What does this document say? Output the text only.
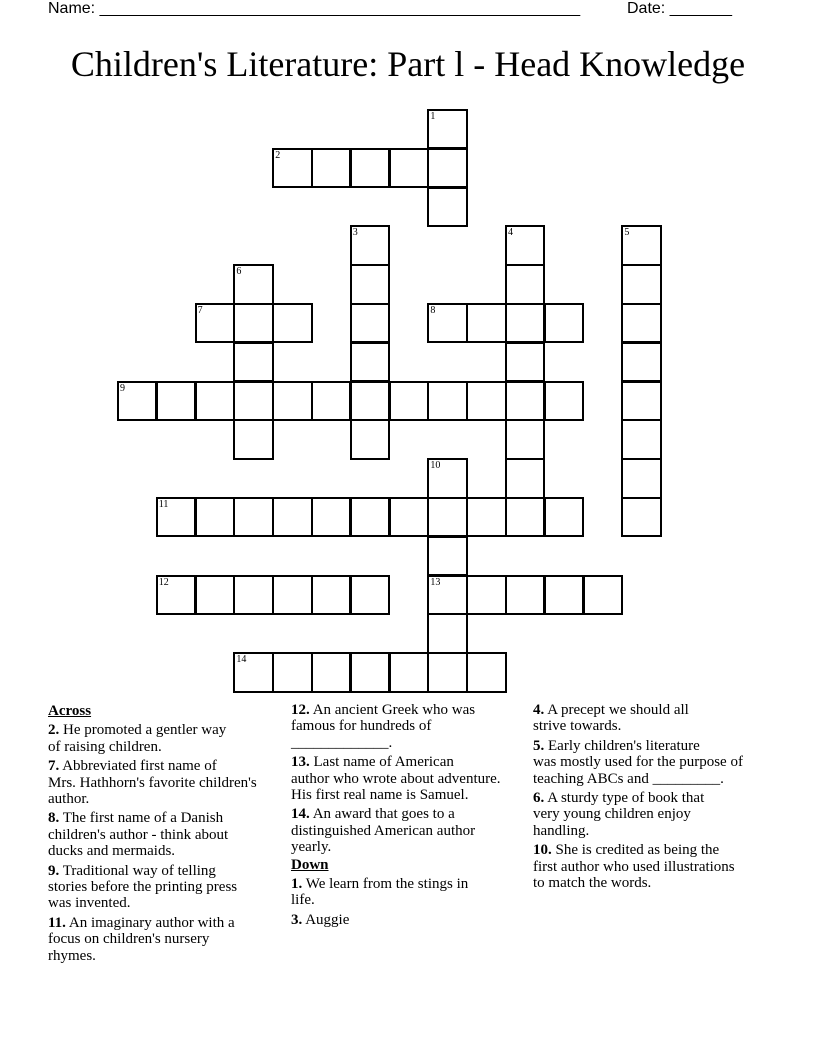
Name: ______________________________________________________	Date: _______
Children's Literature: Part l - Head Knowledge
1
2
3	4	5
6
7	8
9
10
13
11
12
14
Across
2. He promoted a gentler way
of raising children.
7. Abbreviated first name of
Mrs. Hathhorn's favorite children's
author.
8. The first name of a Danish
children's author - think about
ducks and mermaids.
9. Traditional way of telling
stories before the printing press
was invented.
11. An imaginary author with a
focus on children's nursery
rhymes.
12. An ancient Greek who was
famous for hundreds of
_____________.
13. Last name of American
author who wrote about adventure.
His first real name is Samuel.
14. An award that goes to a
distinguished American author
yearly.
Down
1. We learn from the stings in
life.
3. Auggie
4. A precept we should all
strive towards.
5. Early children's literature
was mostly used for the purpose of
teaching ABCs and _________.
6. A sturdy type of book that
very young children enjoy
handling.
10. She is credited as being the
first author who used illustrations
to match the words.
